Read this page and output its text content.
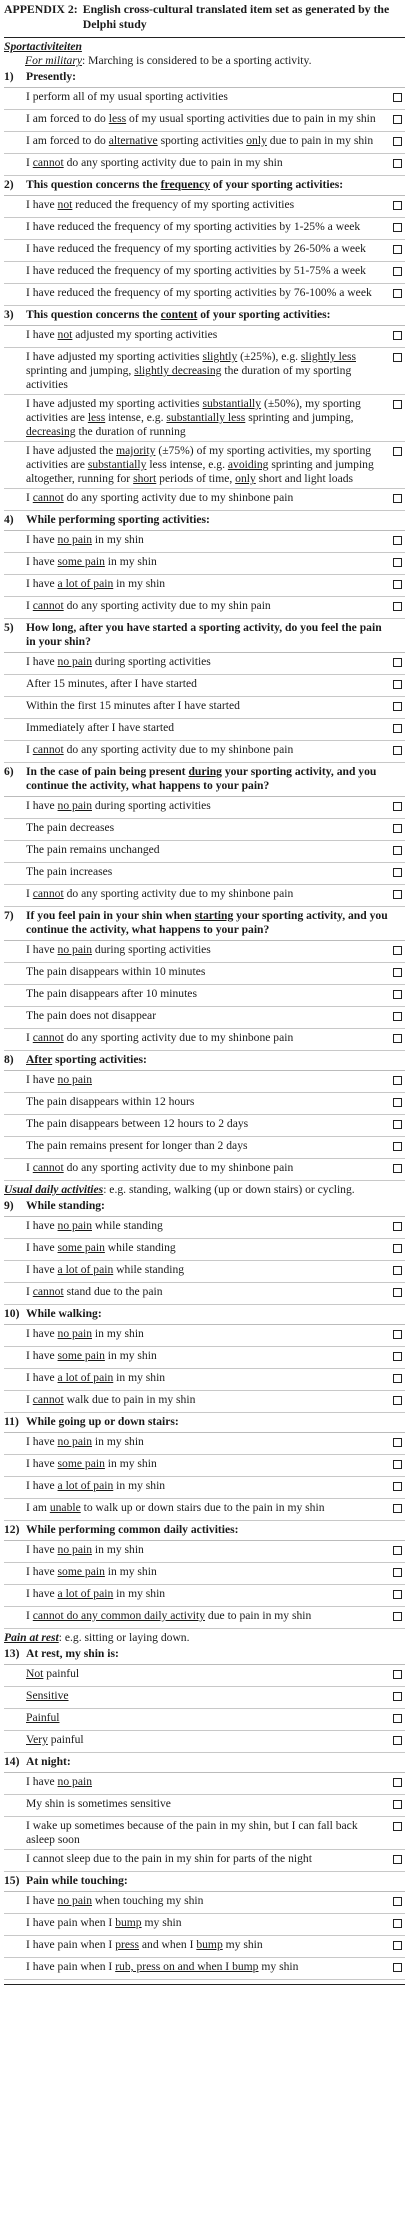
APPENDIX 2: English cross-cultural translated item set as generated by the Delphi study
Sportactiviteiten
For military: Marching is considered to be a sporting activity.
1)	Presently:
I perform all of my usual sporting activities
I am forced to do less of my usual sporting activities due to pain in my shin
I am forced to do alternative sporting activities only due to pain in my shin
I cannot do any sporting activity due to pain in my shin
2)	This question concerns the frequency of your sporting activities:
I have not reduced the frequency of my sporting activities
I have reduced the frequency of my sporting activities by 1-25% a week
I have reduced the frequency of my sporting activities by 26-50% a week
I have reduced the frequency of my sporting activities by 51-75% a week
I have reduced the frequency of my sporting activities by 76-100% a week
3)	This question concerns the content of your sporting activities:
I have not adjusted my sporting activities
I have adjusted my sporting activities slightly (±25%), e.g. slightly less sprinting and jumping, slightly decreasing the duration of my sporting activities
I have adjusted my sporting activities substantially (±50%), my sporting activities are less intense, e.g. substantially less sprinting and jumping, decreasing the duration of running
I have adjusted the majority (±75%) of my sporting activities, my sporting activities are substantially less intense, e.g. avoiding sprinting and jumping altogether, running for short periods of time, only short and light loads
I cannot do any sporting activity due to my shinbone pain
4)	While performing sporting activities:
I have no pain in my shin
I have some pain in my shin
I have a lot of pain in my shin
I cannot do any sporting activity due to my shin pain
5)	How long, after you have started a sporting activity, do you feel the pain in your shin?
I have no pain during sporting activities
After 15 minutes, after I have started
Within the first 15 minutes after I have started
Immediately after I have started
I cannot do any sporting activity due to my shinbone pain
6)	In the case of pain being present during your sporting activity, and you continue the activity, what happens to your pain?
I have no pain during sporting activities
The pain decreases
The pain remains unchanged
The pain increases
I cannot do any sporting activity due to my shinbone pain
7)	If you feel pain in your shin when starting your sporting activity, and you continue the activity, what happens to your pain?
I have no pain during sporting activities
The pain disappears within 10 minutes
The pain disappears after 10 minutes
The pain does not disappear
I cannot do any sporting activity due to my shinbone pain
8)	After sporting activities:
I have no pain
The pain disappears within 12 hours
The pain disappears between 12 hours to 2 days
The pain remains present for longer than 2 days
I cannot do any sporting activity due to my shinbone pain
Usual daily activities: e.g. standing, walking (up or down stairs) or cycling.
9)	While standing:
I have no pain while standing
I have some pain while standing
I have a lot of pain while standing
I cannot stand due to the pain
10) While walking:
I have no pain in my shin
I have some pain in my shin
I have a lot of pain in my shin
I cannot walk due to pain in my shin
11) While going up or down stairs:
I have no pain in my shin
I have some pain in my shin
I have a lot of pain in my shin
I am unable to walk up or down stairs due to the pain in my shin
12) While performing common daily activities:
I have no pain in my shin
I have some pain in my shin
I have a lot of pain in my shin
I cannot do any common daily activity due to pain in my shin
Pain at rest: e.g. sitting or laying down.
13) At rest, my shin is:
Not painful
Sensitive
Painful
Very painful
14) At night:
I have no pain
My shin is sometimes sensitive
I wake up sometimes because of the pain in my shin, but I can fall back asleep soon
I cannot sleep due to the pain in my shin for parts of the night
15) Pain while touching:
I have no pain when touching my shin
I have pain when I bump my shin
I have pain when I press and when I bump my shin
I have pain when I rub, press on and when I bump my shin
